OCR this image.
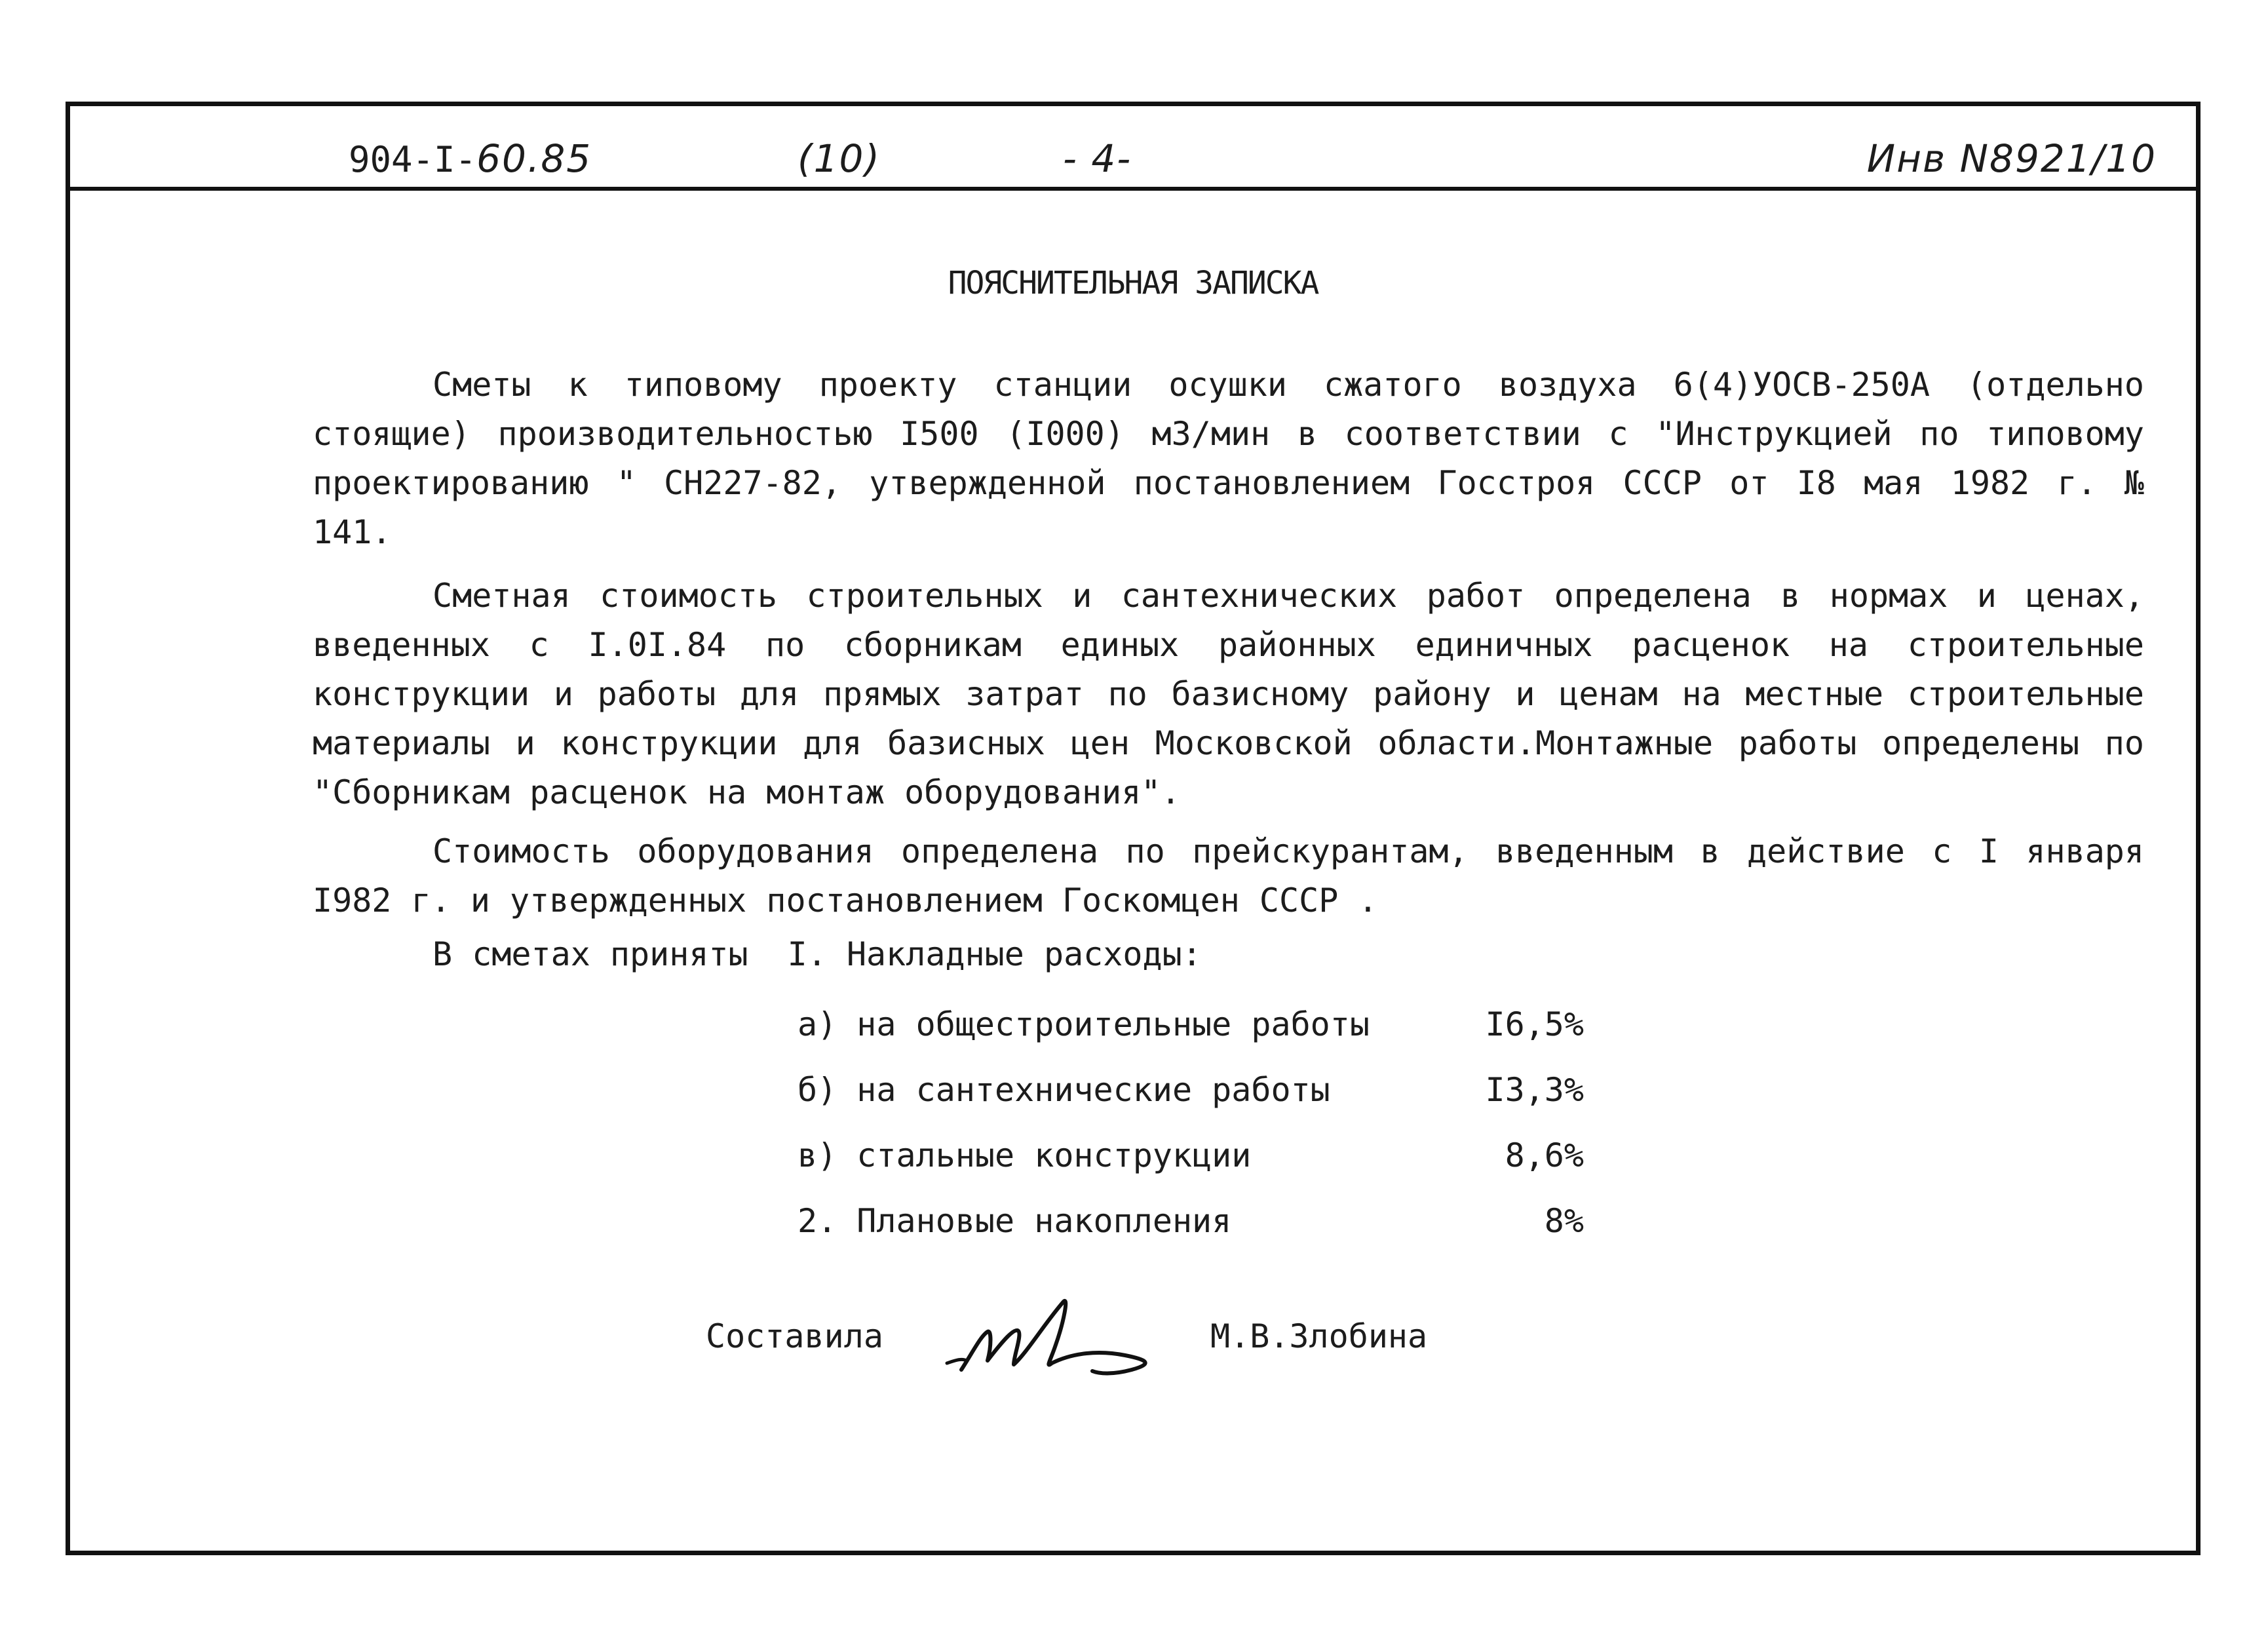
904-I-60.85	(10)	- 4-	Инв N8921/10
ПОЯСНИТЕЛЬНАЯ ЗАПИСКА

Сметы к типовому проекту станции осушки сжатого воздуха 6(4)УОСВ-250А (отдельно стоящие) производительностью I500 (I000) м3/мин в соответствии с "Инструкцией по типовому проектированию " СН227-82, утвержденной постановлением Госстроя СССР от I8 мая 1982 г. № 141.

Сметная стоимость строительных и сантехнических работ определена в нормах и ценах, введенных с I.0I.84 по сборникам единых районных единичных расценок на строительные конструкции и работы для прямых затрат по базисному району и ценам на местные строительные материалы и конструкции для базисных цен Московской области.Монтажные работы определены по "Сборникам расценок на монтаж оборудования".

Стоимость оборудования определена по прейскурантам, введенным в действие с I января I982 г. и утвержденных постановлением Госкомцен СССР .

В сметах приняты I. Накладные расходы:
а) на общестроительные работы	I6,5%
б) на сантехнические работы	I3,3%
в) стальные конструкции	8,6%
2. Плановые накопления	8%
Составила	М.В.Злобина
